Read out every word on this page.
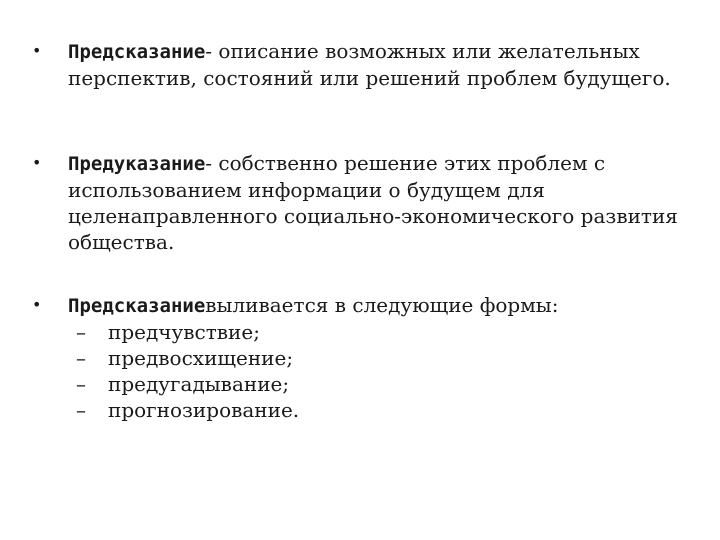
• Предсказание- описание возможных или желательных перспектив, состояний или решений проблем будущего.
• Предуказание- собственно решение этих проблем с использованием информации о будущем для целенаправленного социально-экономического развития общества.
• Предсказаниевыливается в следующие формы:
– предчувствие;
– предвосхищение;
– предугадывание;
– прогнозирование.
